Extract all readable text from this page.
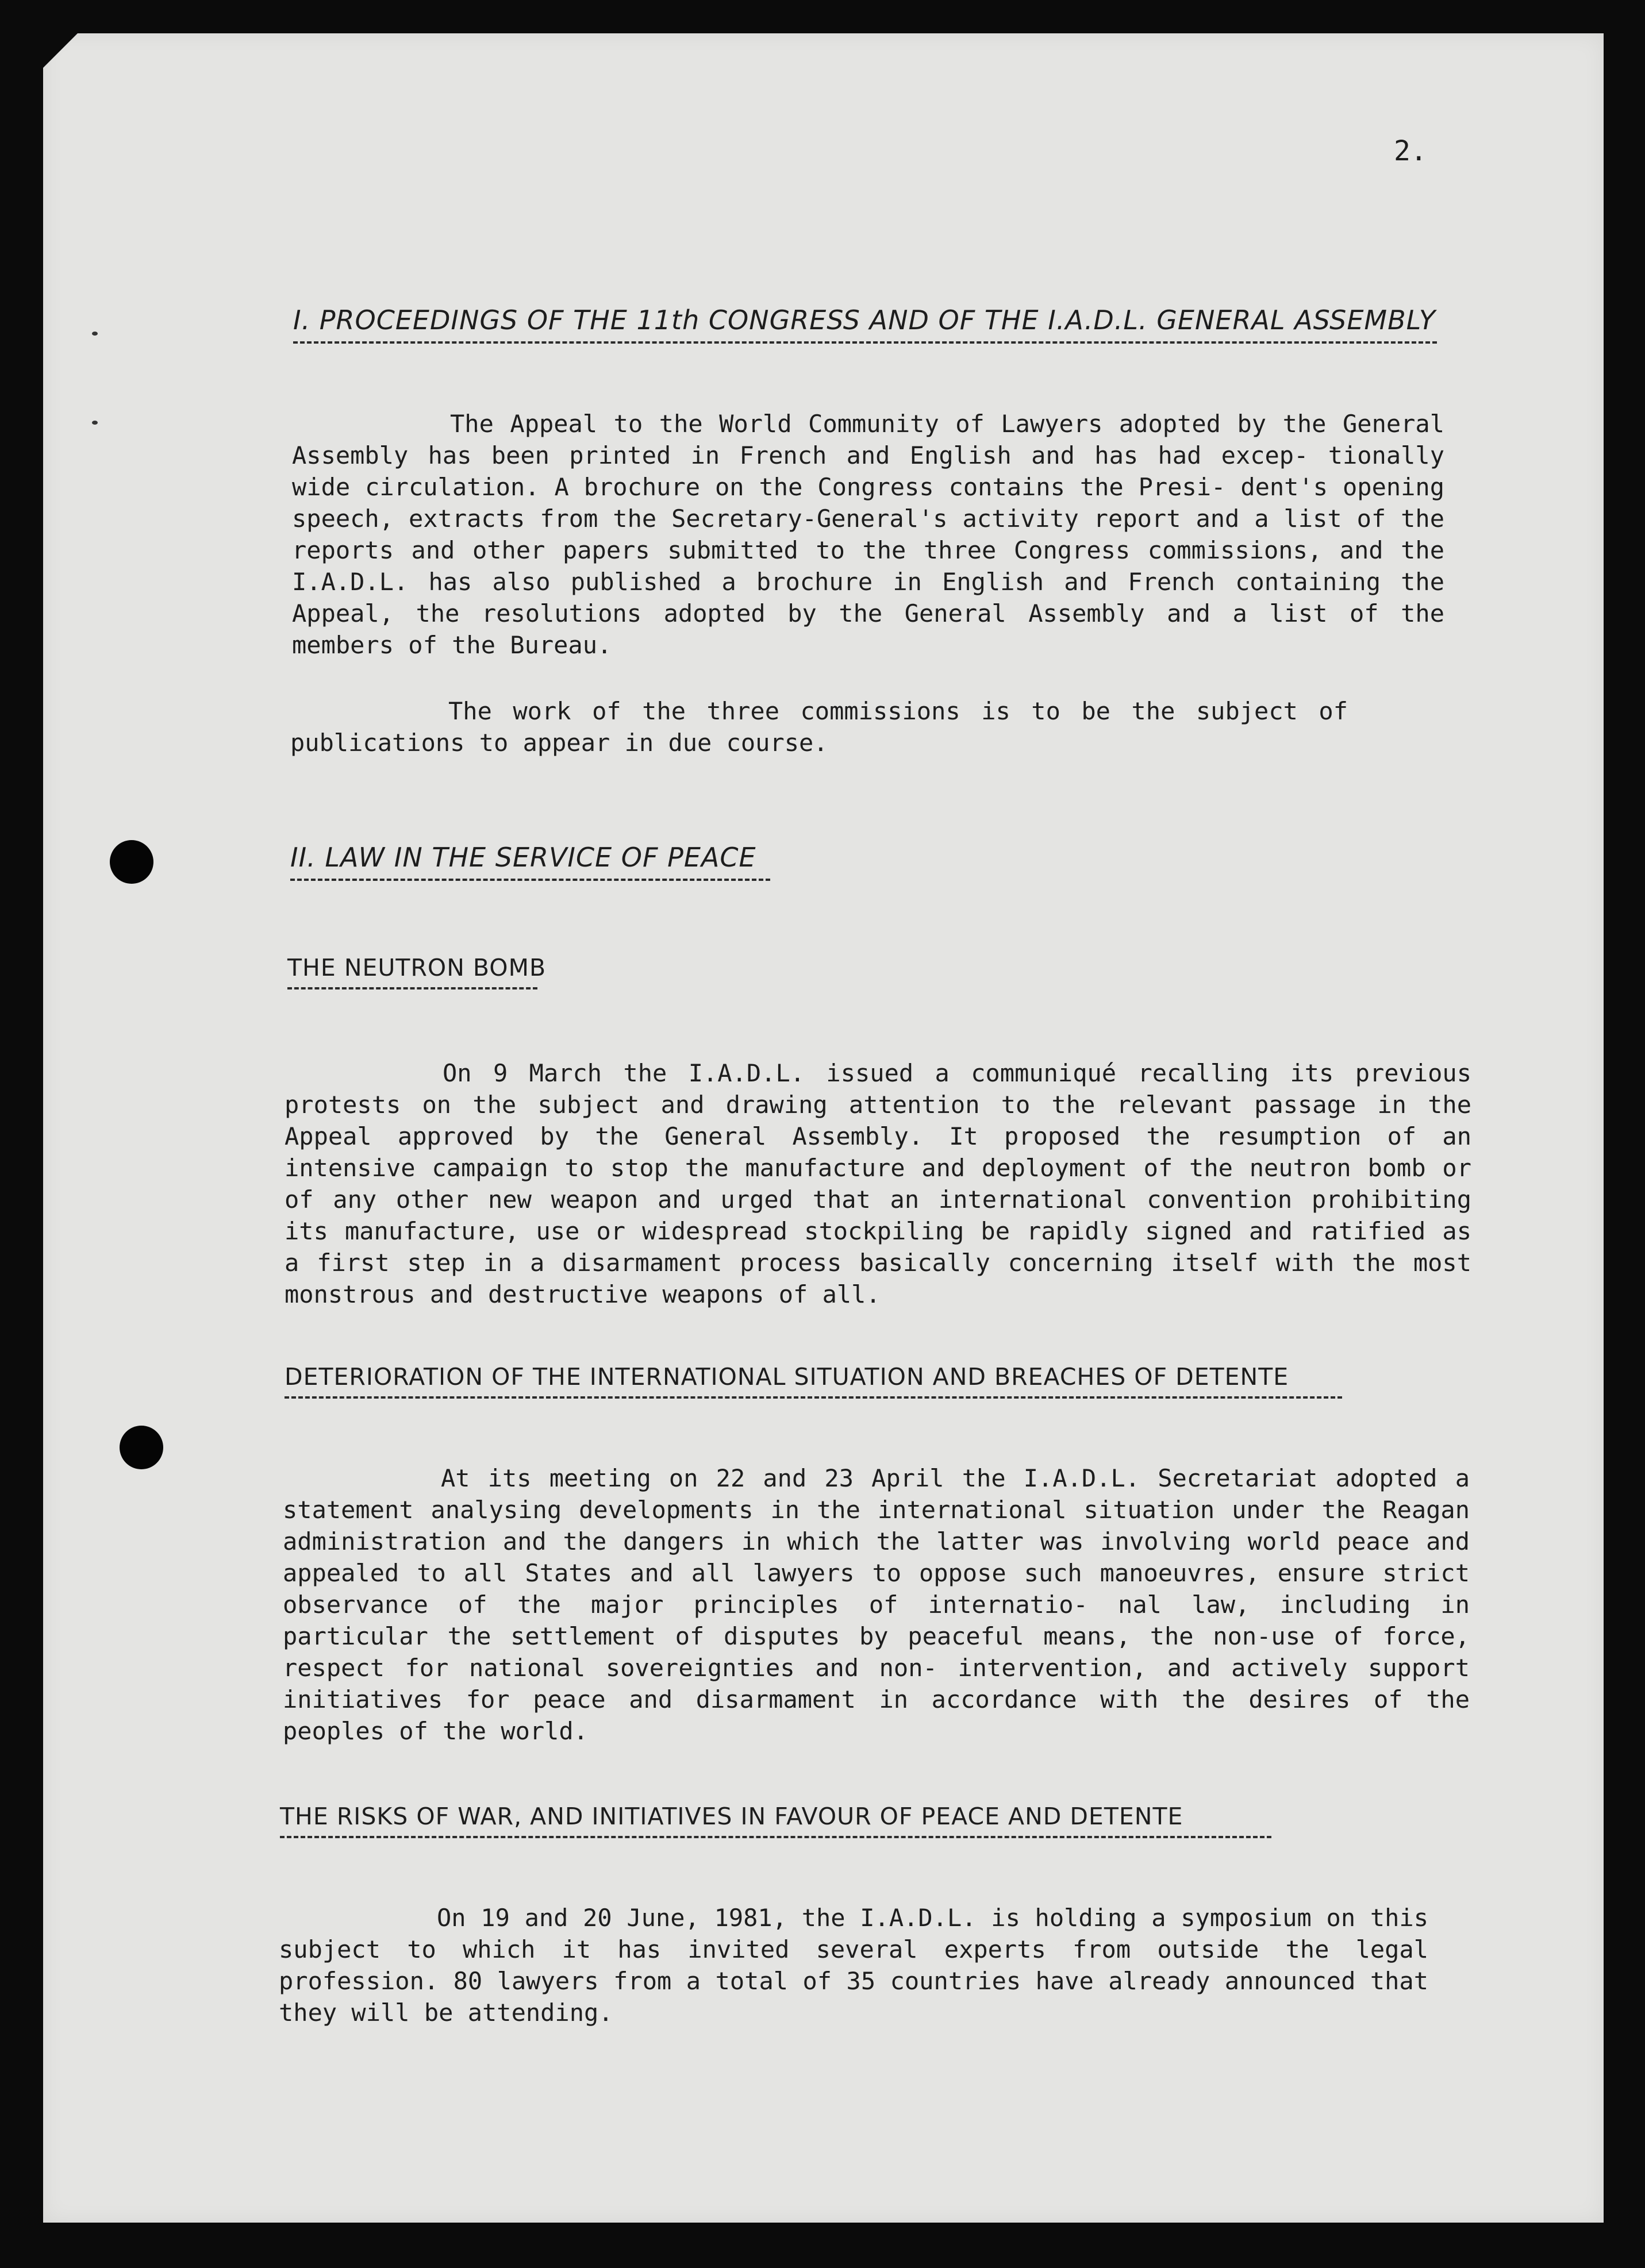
2.
I. PROCEEDINGS OF THE 11th CONGRESS AND OF THE I.A.D.L. GENERAL ASSEMBLY

The Appeal to the World Community of Lawyers adopted by the General Assembly has been printed in French and English and has had excep- tionally wide circulation. A brochure on the Congress contains the Presi- dent's opening speech, extracts from the Secretary-General's activity report and a list of the reports and other papers submitted to the three Congress commissions, and the I.A.D.L. has also published a brochure in English and French containing the Appeal, the resolutions adopted by the General Assembly and a list of the members of the Bureau.

The work of the three commissions is to be the subject of publications to appear in due course.

II. LAW IN THE SERVICE OF PEACE
THE NEUTRON BOMB

On 9 March the I.A.D.L. issued a communiqué recalling its previous protests on the subject and drawing attention to the relevant passage in the Appeal approved by the General Assembly. It proposed the resumption of an intensive campaign to stop the manufacture and deployment of the neutron bomb or of any other new weapon and urged that an international convention prohibiting its manufacture, use or widespread stockpiling be rapidly signed and ratified as a first step in a disarmament process basically concerning itself with the most monstrous and destructive weapons of all.

DETERIORATION OF THE INTERNATIONAL SITUATION AND BREACHES OF DETENTE

At its meeting on 22 and 23 April the I.A.D.L. Secretariat adopted a statement analysing developments in the international situation under the Reagan administration and the dangers in which the latter was involving world peace and appealed to all States and all lawyers to oppose such manoeuvres, ensure strict observance of the major principles of internatio- nal law, including in particular the settlement of disputes by peaceful means, the non-use of force, respect for national sovereignties and non- intervention, and actively support initiatives for peace and disarmament in accordance with the desires of the peoples of the world.

THE RISKS OF WAR, AND INITIATIVES IN FAVOUR OF PEACE AND DETENTE

On 19 and 20 June, 1981, the I.A.D.L. is holding a symposium on this subject to which it has invited several experts from outside the legal profession. 80 lawyers from a total of 35 countries have already announced that they will be attending.
